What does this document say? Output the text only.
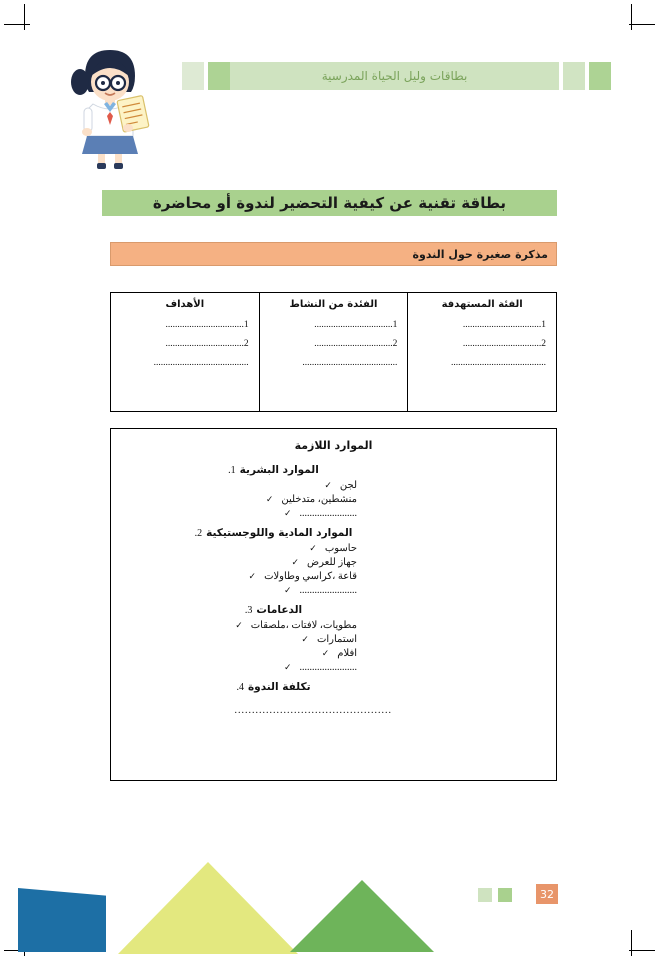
بطاقات وليل الحياة المدرسية
بطاقة تقنية عن كيفية التحضير لندوة أو محاضرة
مذكرة صغيرة حول الندوة
الفئة المستهدفة
1.................................
2.................................
........................................
الفئدة من النشاط
1.................................
2.................................
........................................
الأهداف
1.................................
2.................................
........................................
الموارد اللازمة
الموارد البشرية
1.
لجن
✓
منشطين، متدخلين
✓
.......................
✓
الموارد المادية واللوجستيكية
2.
حاسوب
✓
جهاز للعرض
✓
قاعة ،كراسي وطاولات
✓
.......................
✓
الدعامات
3.
مطويات، لافتات ،ملصقات
✓
استمارات
✓
افلام
✓
.......................
✓
تكلفة الندوة
4.
.............................................
32
